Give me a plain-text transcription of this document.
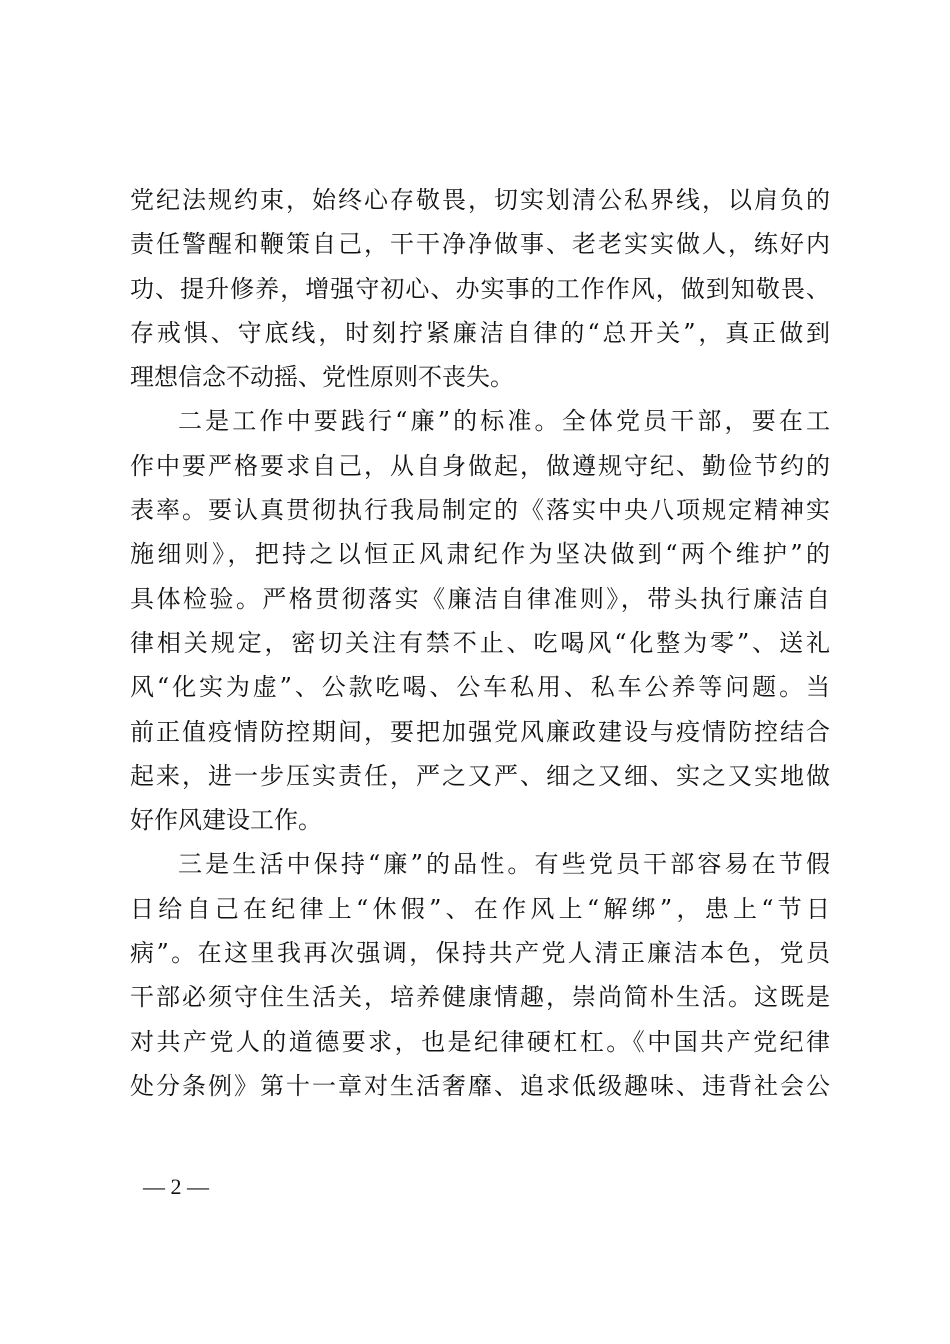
党纪法规约束，始终心存敬畏，切实划清公私界线，以肩负的
责任警醒和鞭策自己，干干净净做事、老老实实做人，练好内
功、提升修养，增强守初心、办实事的工作作风，做到知敬畏、
存戒惧、守底线，时刻拧紧廉洁自律的“总开关”，真正做到
理想信念不动摇、党性原则不丧失。
二是工作中要践行“廉”的标准。全体党员干部，要在工
作中要严格要求自己，从自身做起，做遵规守纪、勤俭节约的
表率。要认真贯彻执行我局制定的《落实中央八项规定精神实
施细则》，把持之以恒正风肃纪作为坚决做到“两个维护”的
具体检验。严格贯彻落实《廉洁自律准则》，带头执行廉洁自
律相关规定，密切关注有禁不止、吃喝风“化整为零”、送礼
风“化实为虚”、公款吃喝、公车私用、私车公养等问题。当
前正值疫情防控期间，要把加强党风廉政建设与疫情防控结合
起来，进一步压实责任，严之又严、细之又细、实之又实地做
好作风建设工作。
三是生活中保持“廉”的品性。有些党员干部容易在节假
日给自己在纪律上“休假”、在作风上“解绑”，患上“节日
病”。在这里我再次强调，保持共产党人清正廉洁本色，党员
干部必须守住生活关，培养健康情趣，崇尚简朴生活。这既是
对共产党人的道德要求，也是纪律硬杠杠。《中国共产党纪律
处分条例》第十一章对生活奢靡、追求低级趣味、违背社会公
— 2 —
